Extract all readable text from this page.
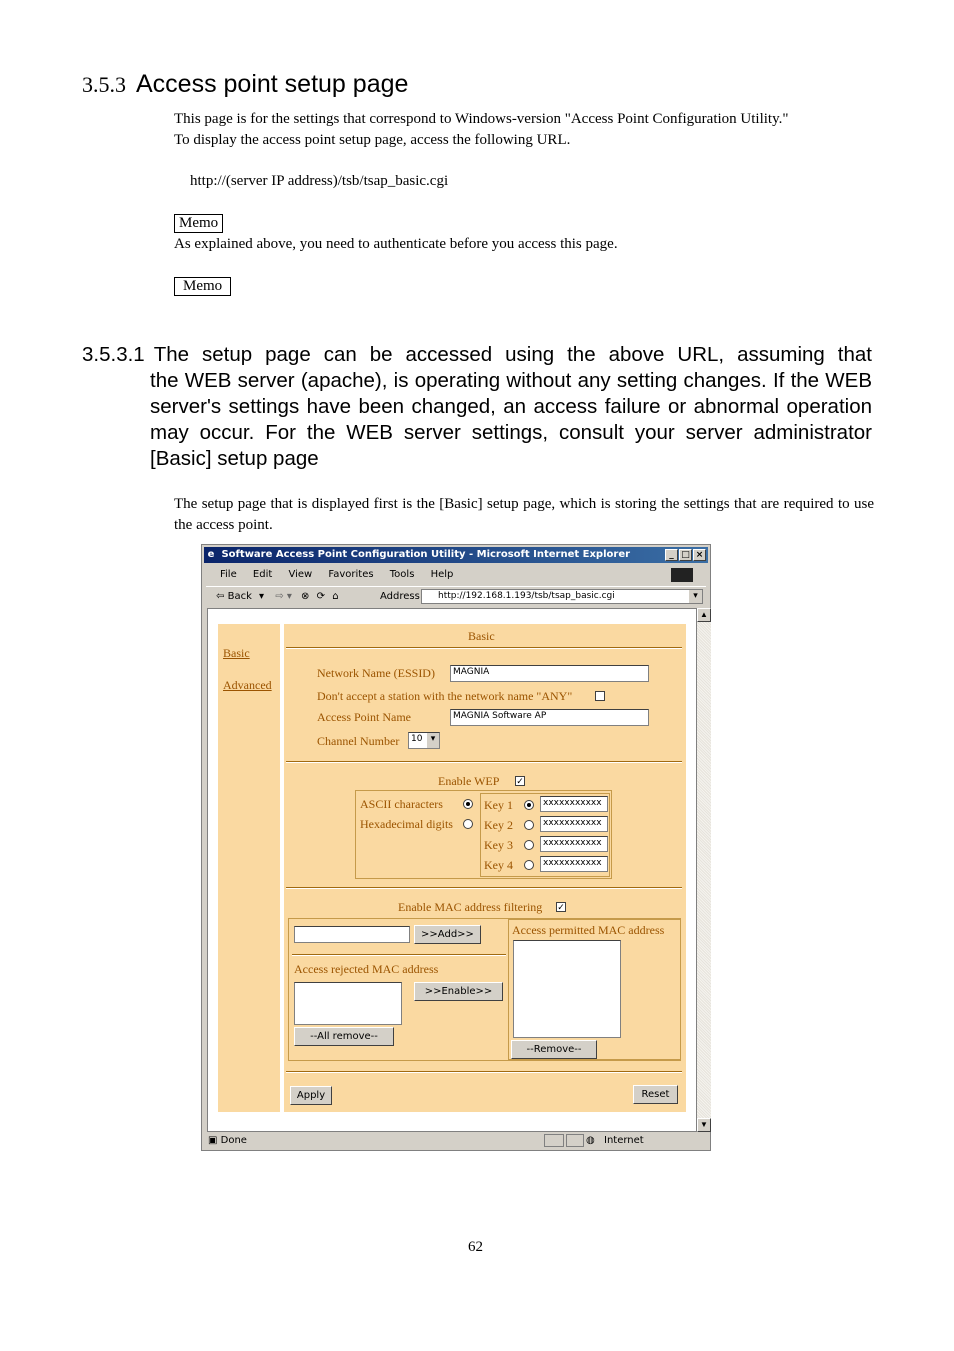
3.5.3 Access point setup page
This page is for the settings that correspond to Windows-version "Access Point Configuration Utility."
To display the access point setup page, access the following URL.
http://(server IP address)/tsb/tsap_basic.cgi
Memo
As explained above, you need to authenticate before you access this page.
Memo
3.5.3.1 The setup page can be accessed using the above URL, assuming that
the WEB server (apache), is operating without any setting changes. If the WEB server's settings have been changed, an access failure or abnormal operation may occur. For the WEB server settings, consult your server administrator [Basic] setup page
The setup page that is displayed first is the [Basic] setup page, which is storing the settings that are required to use the access point.
e Software Access Point Configuration Utility - Microsoft Internet Explorer	_ □ ×
File Edit View Favorites Tools Help
⇦ Back ▾ ⇨ ▾ ⊗ ⟳ ⌂	Address	http://192.168.1.193/tsb/tsap_basic.cgi	▾
Basic
Advanced
Basic
Network Name (ESSID)	MAGNIA
Don't accept a station with the network name "ANY"
Access Point Name	MAGNIA Software AP
Channel Number	10 ▾
Enable WEP ✓
ASCII characters
Hexadecimal digits
Key 1	xxxxxxxxxxx
Key 2	xxxxxxxxxxx
Key 3	xxxxxxxxxxx
Key 4	xxxxxxxxxxx
Enable MAC address filtering ✓
>>Add>>
Access rejected MAC address
>>Enable>>
--All remove--
Access permitted MAC address
--Remove--
Apply	Reset
▲
▼
▣ Done	◍ Internet
62
